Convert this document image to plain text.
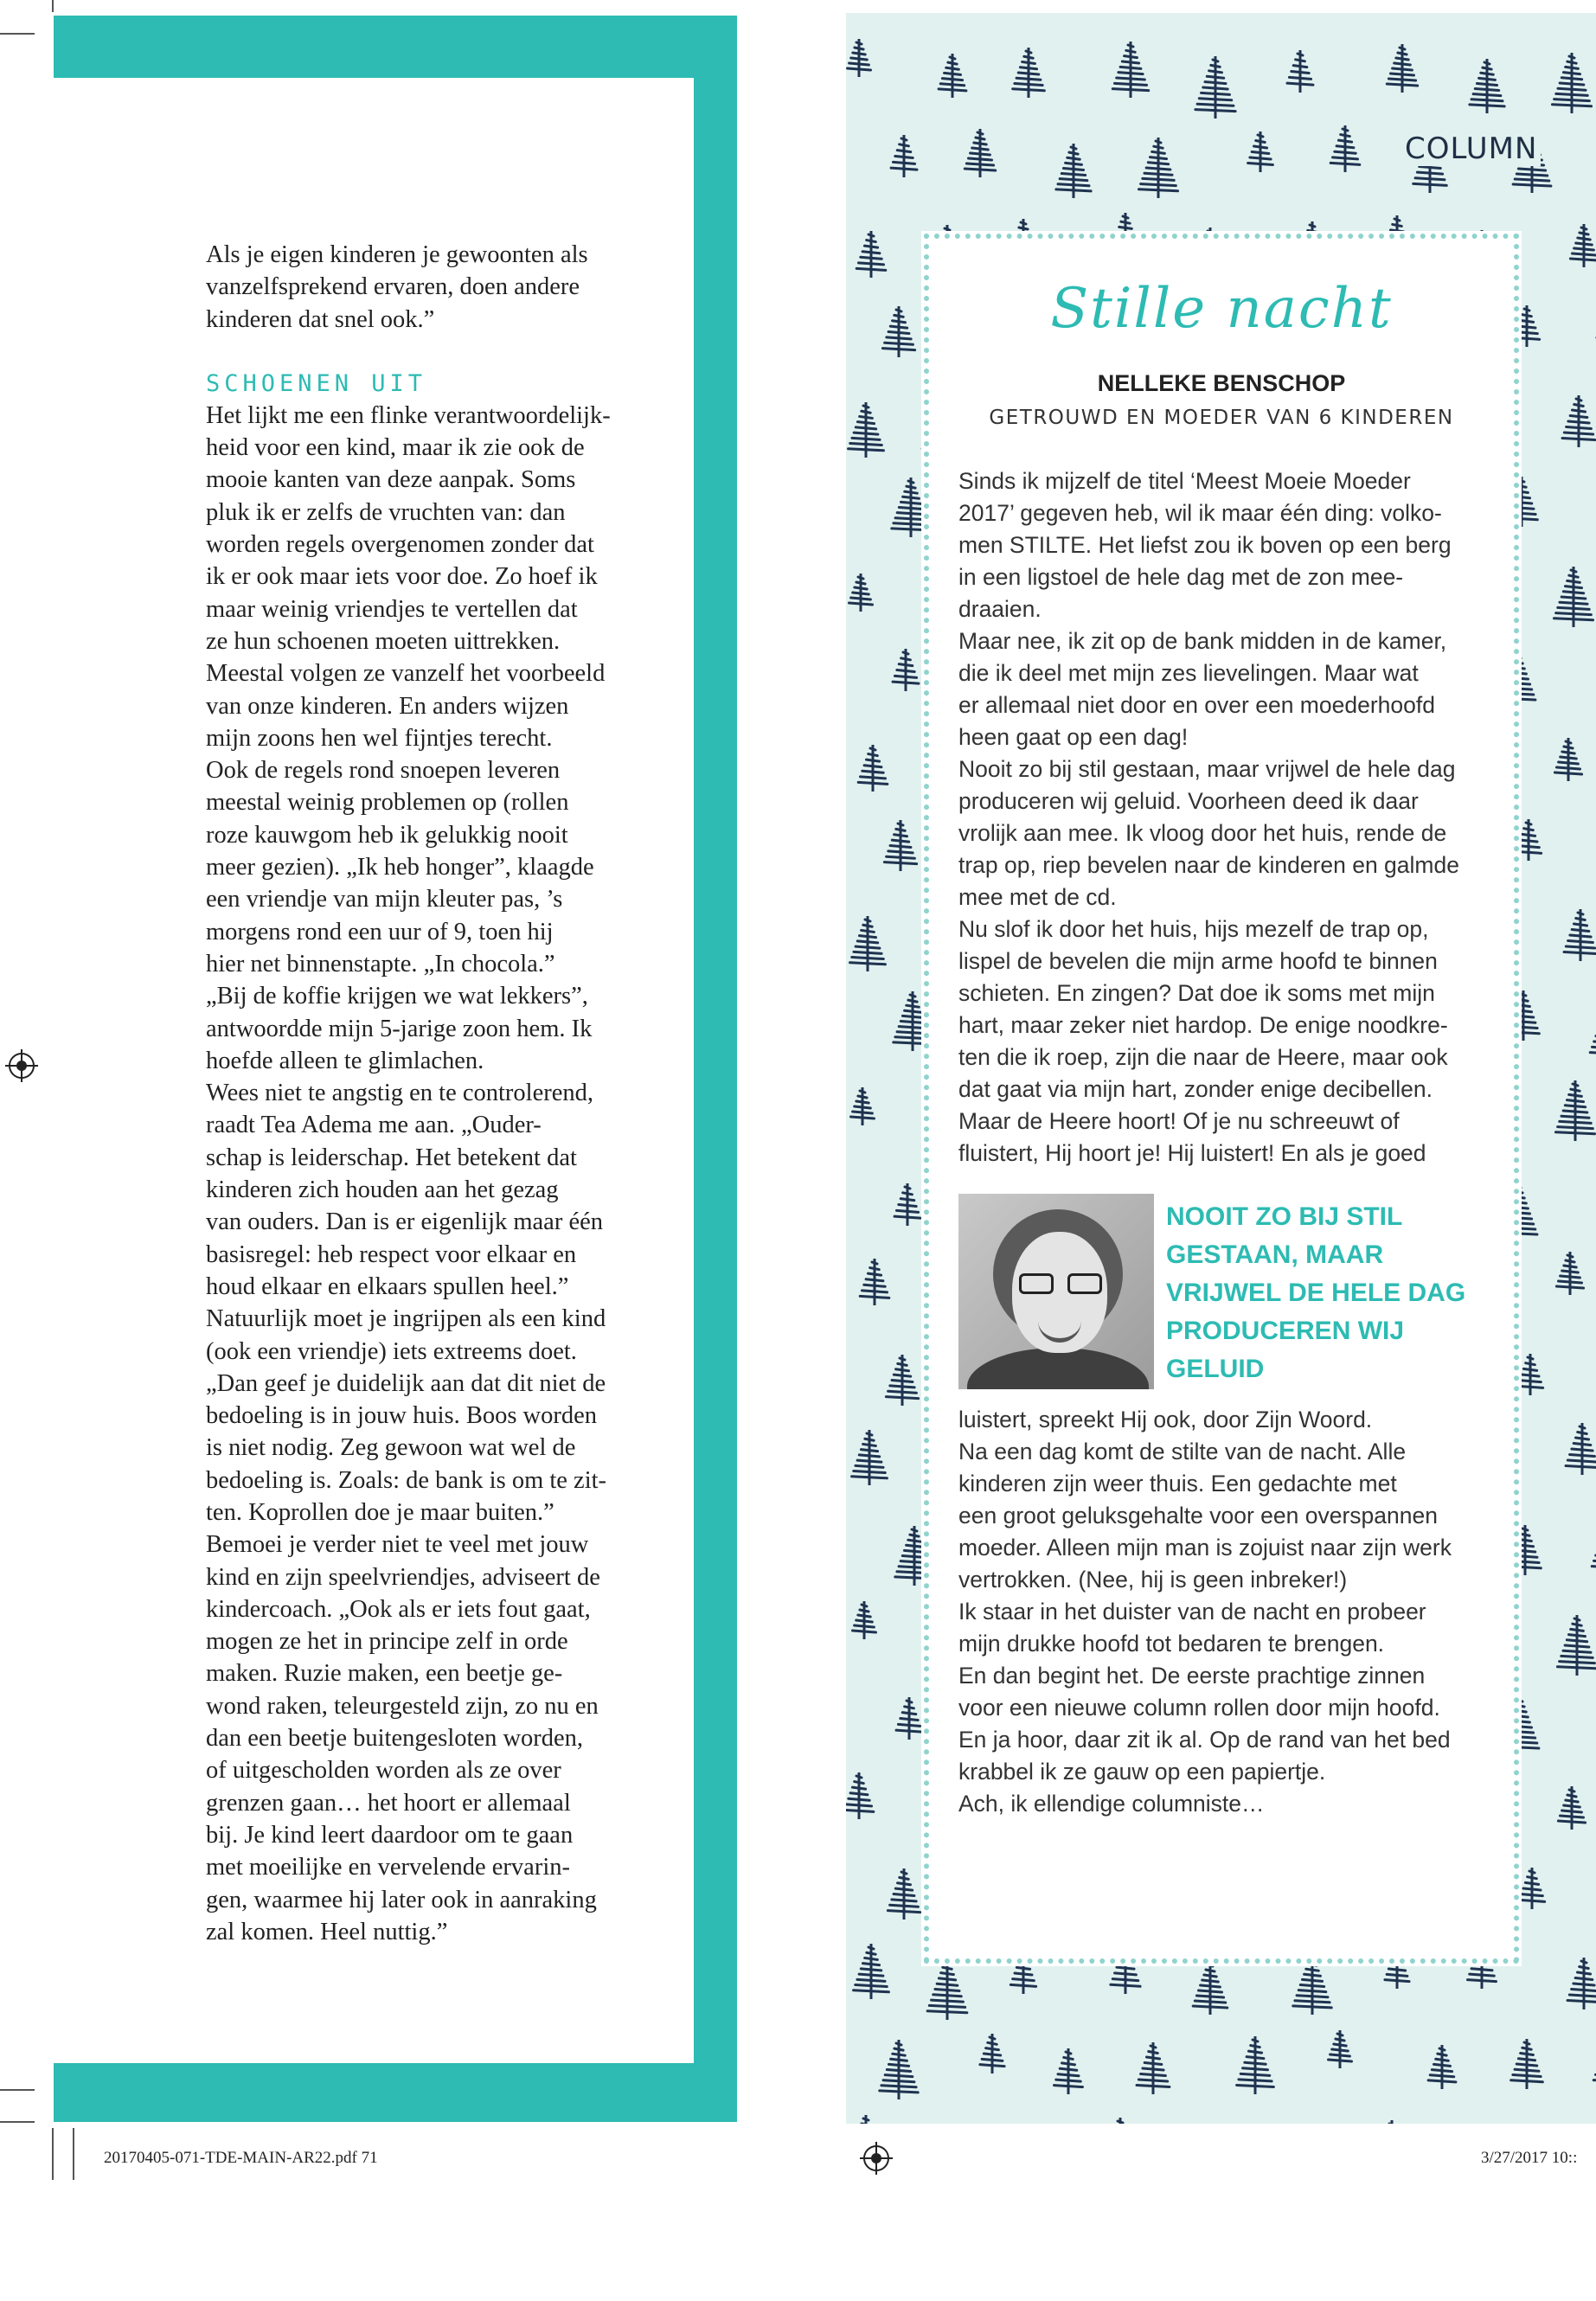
Als je eigen kinderen je gewoonten als
vanzelfsprekend ervaren, doen andere
kinderen dat snel ook.”
SCHOENEN UIT
Het lijkt me een flinke verantwoordelijk-
heid voor een kind, maar ik zie ook de
mooie kanten van deze aanpak. Soms
pluk ik er zelfs de vruchten van: dan
worden regels overgenomen zonder dat
ik er ook maar iets voor doe. Zo hoef ik
maar weinig vriendjes te vertellen dat
ze hun schoenen moeten uittrekken.
Meestal volgen ze vanzelf het voorbeeld
van onze kinderen. En anders wijzen
mijn zoons hen wel fijntjes terecht.
Ook de regels rond snoepen leveren
meestal weinig problemen op (rollen
roze kauwgom heb ik gelukkig nooit
meer gezien). „Ik heb honger”, klaagde
een vriendje van mijn kleuter pas, ’s
morgens rond een uur of 9, toen hij
hier net binnenstapte. „In chocola.”
„Bij de koffie krijgen we wat lekkers”,
antwoordde mijn 5-jarige zoon hem. Ik
hoefde alleen te glimlachen.
Wees niet te angstig en te controlerend,
raadt Tea Adema me aan. „Ouder-
schap is leiderschap. Het betekent dat
kinderen zich houden aan het gezag
van ouders. Dan is er eigenlijk maar één
basisregel: heb respect voor elkaar en
houd elkaar en elkaars spullen heel.”
Natuurlijk moet je ingrijpen als een kind
(ook een vriendje) iets extreems doet.
„Dan geef je duidelijk aan dat dit niet de
bedoeling is in jouw huis. Boos worden
is niet nodig. Zeg gewoon wat wel de
bedoeling is. Zoals: de bank is om te zit-
ten. Koprollen doe je maar buiten.”
Bemoei je verder niet te veel met jouw
kind en zijn speelvriendjes, adviseert de
kindercoach. „Ook als er iets fout gaat,
mogen ze het in principe zelf in orde
maken. Ruzie maken, een beetje ge-
wond raken, teleurgesteld zijn, zo nu en
dan een beetje buitengesloten worden,
of uitgescholden worden als ze over
grenzen gaan… het hoort er allemaal
bij. Je kind leert daardoor om te gaan
met moeilijke en vervelende ervarin-
gen, waarmee hij later ook in aanraking
zal komen. Heel nuttig.”
COLUMN
Stille nacht
NELLEKE BENSCHOP
GETROUWD EN MOEDER VAN 6 KINDEREN
Sinds ik mijzelf de titel ‘Meest Moeie Moeder
2017’ gegeven heb, wil ik maar één ding: volko-
men STILTE. Het liefst zou ik boven op een berg
in een ligstoel de hele dag met de zon mee-
draaien.
Maar nee, ik zit op de bank midden in de kamer,
die ik deel met mijn zes lievelingen. Maar wat
er allemaal niet door en over een moederhoofd
heen gaat op een dag!
Nooit zo bij stil gestaan, maar vrijwel de hele dag
produceren wij geluid. Voorheen deed ik daar
vrolijk aan mee. Ik vloog door het huis, rende de
trap op, riep bevelen naar de kinderen en galmde
mee met de cd.
Nu slof ik door het huis, hijs mezelf de trap op,
lispel de bevelen die mijn arme hoofd te binnen
schieten. En zingen? Dat doe ik soms met mijn
hart, maar zeker niet hardop. De enige noodkre-
ten die ik roep, zijn die naar de Heere, maar ook
dat gaat via mijn hart, zonder enige decibellen.
Maar de Heere hoort! Of je nu schreeuwt of
fluistert, Hij hoort je! Hij luistert! En als je goed
NOOIT ZO BIJ STIL
GESTAAN, MAAR
VRIJWEL DE HELE DAG
PRODUCEREN WIJ
GELUID
luistert, spreekt Hij ook, door Zijn Woord.
Na een dag komt de stilte van de nacht. Alle
kinderen zijn weer thuis. Een gedachte met
een groot geluksgehalte voor een overspannen
moeder. Alleen mijn man is zojuist naar zijn werk
vertrokken. (Nee, hij is geen inbreker!)
Ik staar in het duister van de nacht en probeer
mijn drukke hoofd tot bedaren te brengen.
En dan begint het. De eerste prachtige zinnen
voor een nieuwe column rollen door mijn hoofd.
En ja hoor, daar zit ik al. Op de rand van het bed
krabbel ik ze gauw op een papiertje.
Ach, ik ellendige columniste…
20170405-071-TDE-MAIN-AR22.pdf 71	3/27/2017 10::
